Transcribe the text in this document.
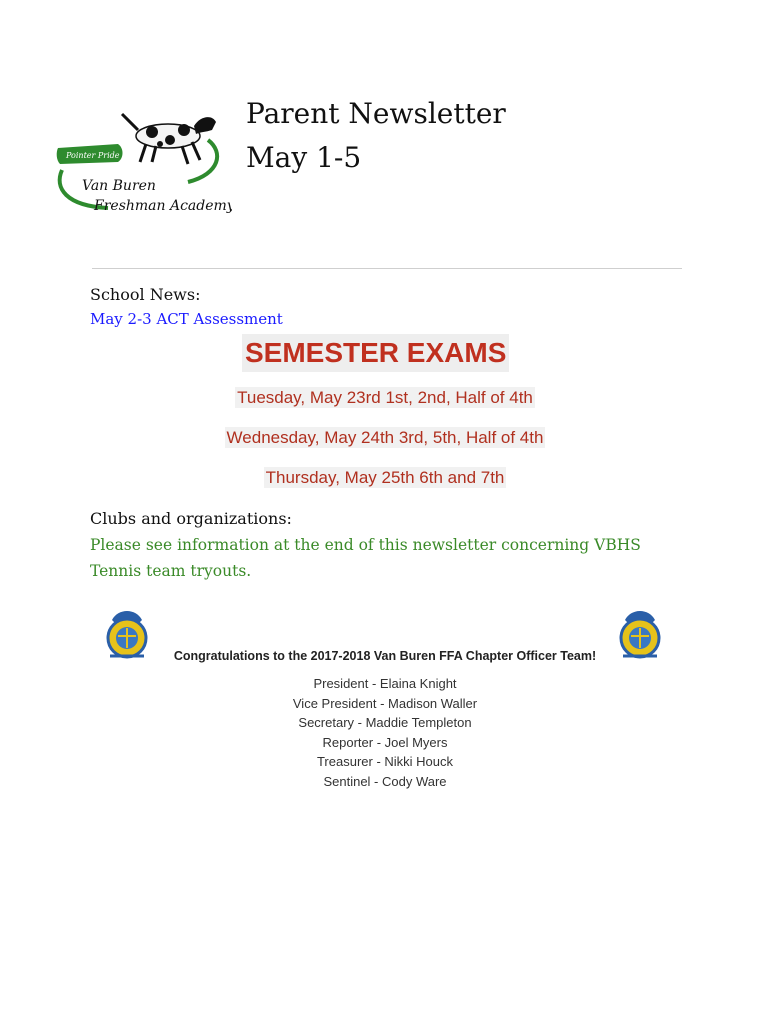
Pointer Pride
Van Buren
Freshman Academy
Parent Newsletter
May 1-5
School News:
May 2-3 ACT Assessment
SEMESTER EXAMS
Tuesday, May 23rd 1st, 2nd, Half of 4th
Wednesday, May 24th 3rd, 5th, Half of 4th
Thursday, May 25th 6th and 7th
Clubs and organizations:
Please see information at the end of this newsletter concerning VBHS Tennis team tryouts.
Congratulations to the 2017-2018 Van Buren FFA Chapter Officer Team!
President - Elaina Knight
Vice President - Madison Waller
Secretary - Maddie Templeton
Reporter - Joel Myers
Treasurer - Nikki Houck
Sentinel - Cody Ware
